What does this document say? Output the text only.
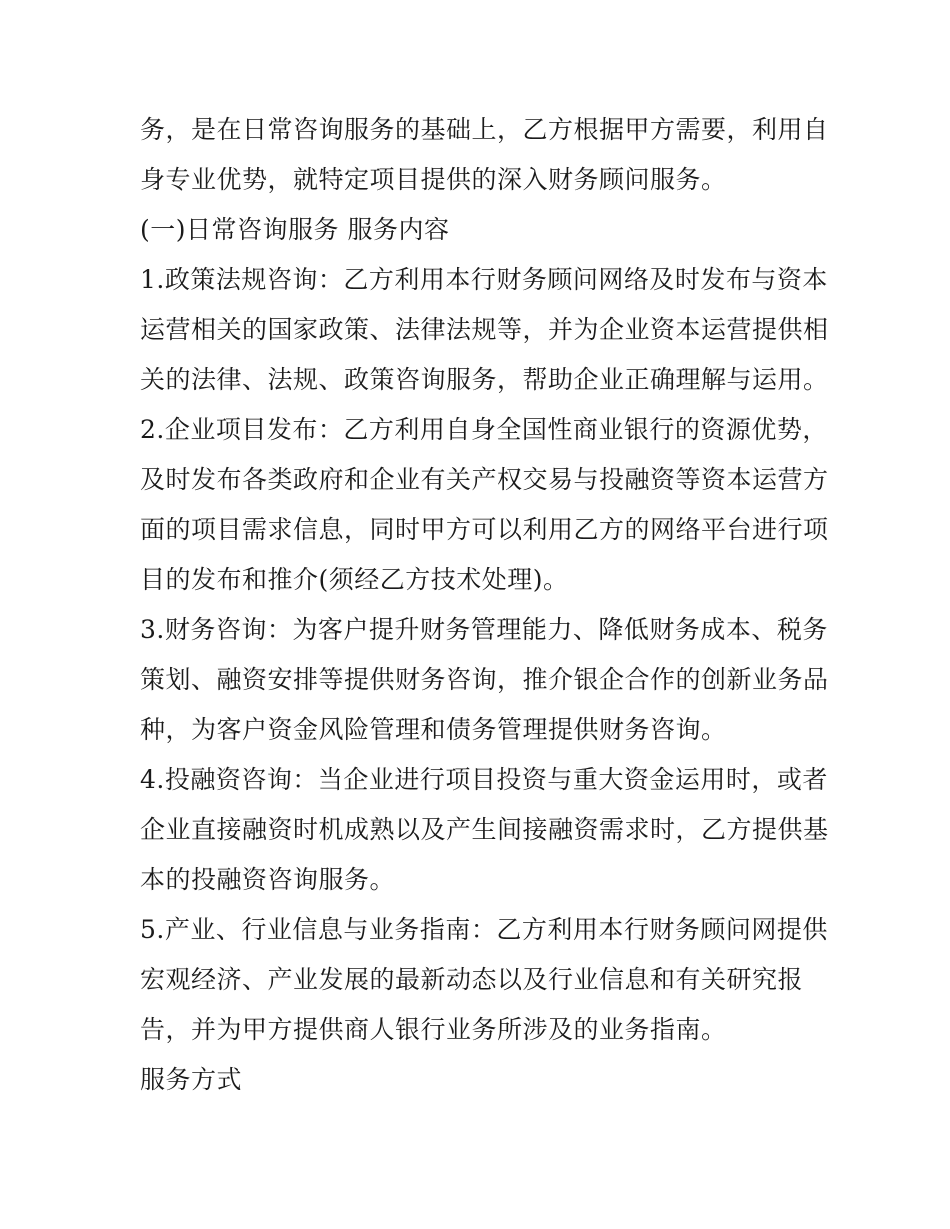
务，是在日常咨询服务的基础上，乙方根据甲方需要，利用自
身专业优势，就特定项目提供的深入财务顾问服务。
(一)日常咨询服务 服务内容
1.政策法规咨询：乙方利用本行财务顾问网络及时发布与资本
运营相关的国家政策、法律法规等，并为企业资本运营提供相
关的法律、法规、政策咨询服务，帮助企业正确理解与运用。
2.企业项目发布：乙方利用自身全国性商业银行的资源优势，
及时发布各类政府和企业有关产权交易与投融资等资本运营方
面的项目需求信息，同时甲方可以利用乙方的网络平台进行项
目的发布和推介(须经乙方技术处理)。
3.财务咨询：为客户提升财务管理能力、降低财务成本、税务
策划、融资安排等提供财务咨询，推介银企合作的创新业务品
种，为客户资金风险管理和债务管理提供财务咨询。
4.投融资咨询：当企业进行项目投资与重大资金运用时，或者
企业直接融资时机成熟以及产生间接融资需求时，乙方提供基
本的投融资咨询服务。
5.产业、行业信息与业务指南：乙方利用本行财务顾问网提供
宏观经济、产业发展的最新动态以及行业信息和有关研究报
告，并为甲方提供商人银行业务所涉及的业务指南。
服务方式
